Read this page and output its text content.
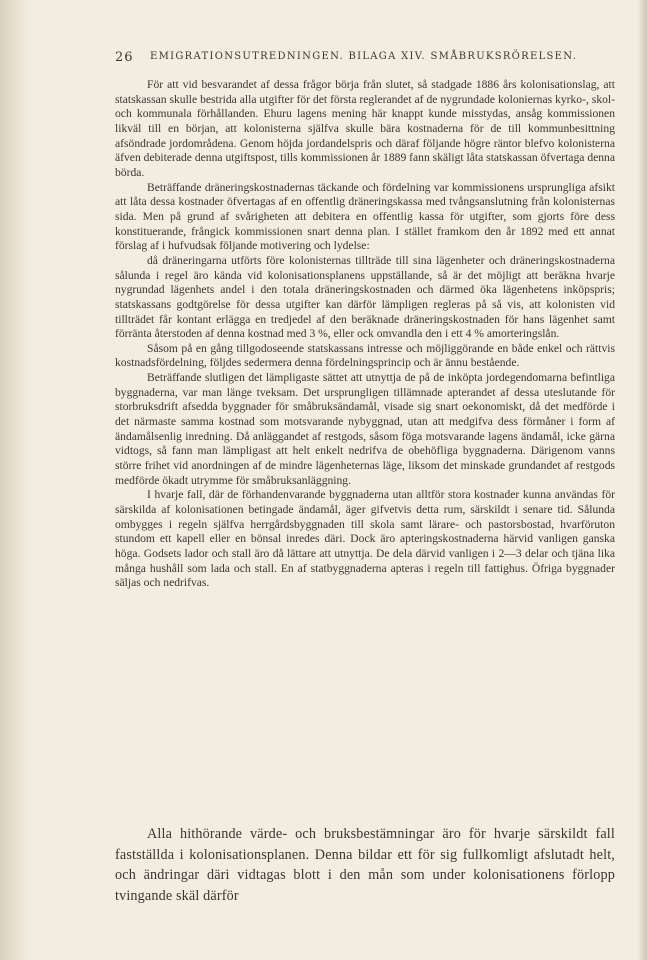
26 EMIGRATIONSUTREDNINGEN. BILAGA XIV. SMÅBRUKSRÖRELSEN.

För att vid besvarandet af dessa frågor börja från slutet, så stadgade 1886 års kolonisationslag, att statskassan skulle bestrida alla utgifter för det första reglerandet af de nygrundade koloniernas kyrko-, skol- och kommunala förhållanden. Ehuru lagens mening här knappt kunde misstydas, ansåg kommissionen likväl till en början, att kolonisterna själfva skulle bära kostnaderna för de till kommunbesittning afsöndrade jordområdena. Genom höjda jordandelspris och däraf följande högre räntor blefvo kolonisterna äfven debiterade denna utgiftspost, tills kommissionen år 1889 fann skäligt låta statskassan öfvertaga denna börda.

Beträffande dräneringskostnadernas täckande och fördelning var kommissionens ursprungliga afsikt att låta dessa kostnader öfvertagas af en offentlig dräneringskassa med tvångsanslutning från kolonisternas sida. Men på grund af svårigheten att debitera en offentlig kassa för utgifter, som gjorts före dess konstituerande, frångick kommissionen snart denna plan. I stället framkom den år 1892 med ett annat förslag af i hufvudsak följande motivering och lydelse:

då dräneringarna utförts före kolonisternas tillträde till sina lägenheter och dräneringskostnaderna sålunda i regel äro kända vid kolonisationsplanens uppställande, så är det möjligt att beräkna hvarje nygrundad lägenhets andel i den totala dräneringskostnaden och därmed öka lägenhetens inköpspris; statskassans godtgörelse för dessa utgifter kan därför lämpligen regleras på så vis, att kolonisten vid tillträdet får kontant erlägga en tredjedel af den beräknade dräneringskostnaden för hans lägenhet samt förränta återstoden af denna kostnad med 3 %, eller ock omvandla den i ett 4 % amorteringslån.

Såsom på en gång tillgodoseende statskassans intresse och möjliggörande en både enkel och rättvis kostnadsfördelning, följdes sedermera denna fördelningsprincip och är ännu bestående.

Beträffande slutligen det lämpligaste sättet att utnyttja de på de inköpta jordegendomarna befintliga byggnaderna, var man länge tveksam. Det ursprungligen tillämnade apterandet af dessa uteslutande för storbruksdrift afsedda byggnader för småbruksändamål, visade sig snart oekonomiskt, då det medförde i det närmaste samma kostnad som motsvarande nybyggnad, utan att medgifva dess förmåner i form af ändamålsenlig inredning. Då anläggandet af restgods, såsom föga motsvarande lagens ändamål, icke gärna vidtogs, så fann man lämpligast att helt enkelt nedrifva de obehöfliga byggnaderna. Därigenom vanns större frihet vid anordningen af de mindre lägenheternas läge, liksom det minskade grundandet af restgods medförde ökadt utrymme för småbruksanläggning.

I hvarje fall, där de förhandenvarande byggnaderna utan alltför stora kostnader kunna användas för särskilda af kolonisationen betingade ändamål, äger gifvetvis detta rum, särskildt i senare tid. Sålunda ombygges i regeln själfva herrgårdsbyggnaden till skola samt lärare- och pastorsbostad, hvarföruton stundom ett kapell eller en bönsal inredes däri. Dock äro apteringskostnaderna härvid vanligen ganska höga. Godsets lador och stall äro då lättare att utnyttja. De dela därvid vanligen i 2—3 delar och tjäna lika många hushåll som lada och stall. En af statbyggnaderna apteras i regeln till fattighus. Öfriga byggnader säljas och nedrifvas.

Alla hithörande värde- och bruksbestämningar äro för hvarje särskildt fall fastställda i kolonisationsplanen. Denna bildar ett för sig fullkomligt afslutadt helt, och ändringar däri vidtagas blott i den mån som under kolonisationens förlopp tvingande skäl därför
